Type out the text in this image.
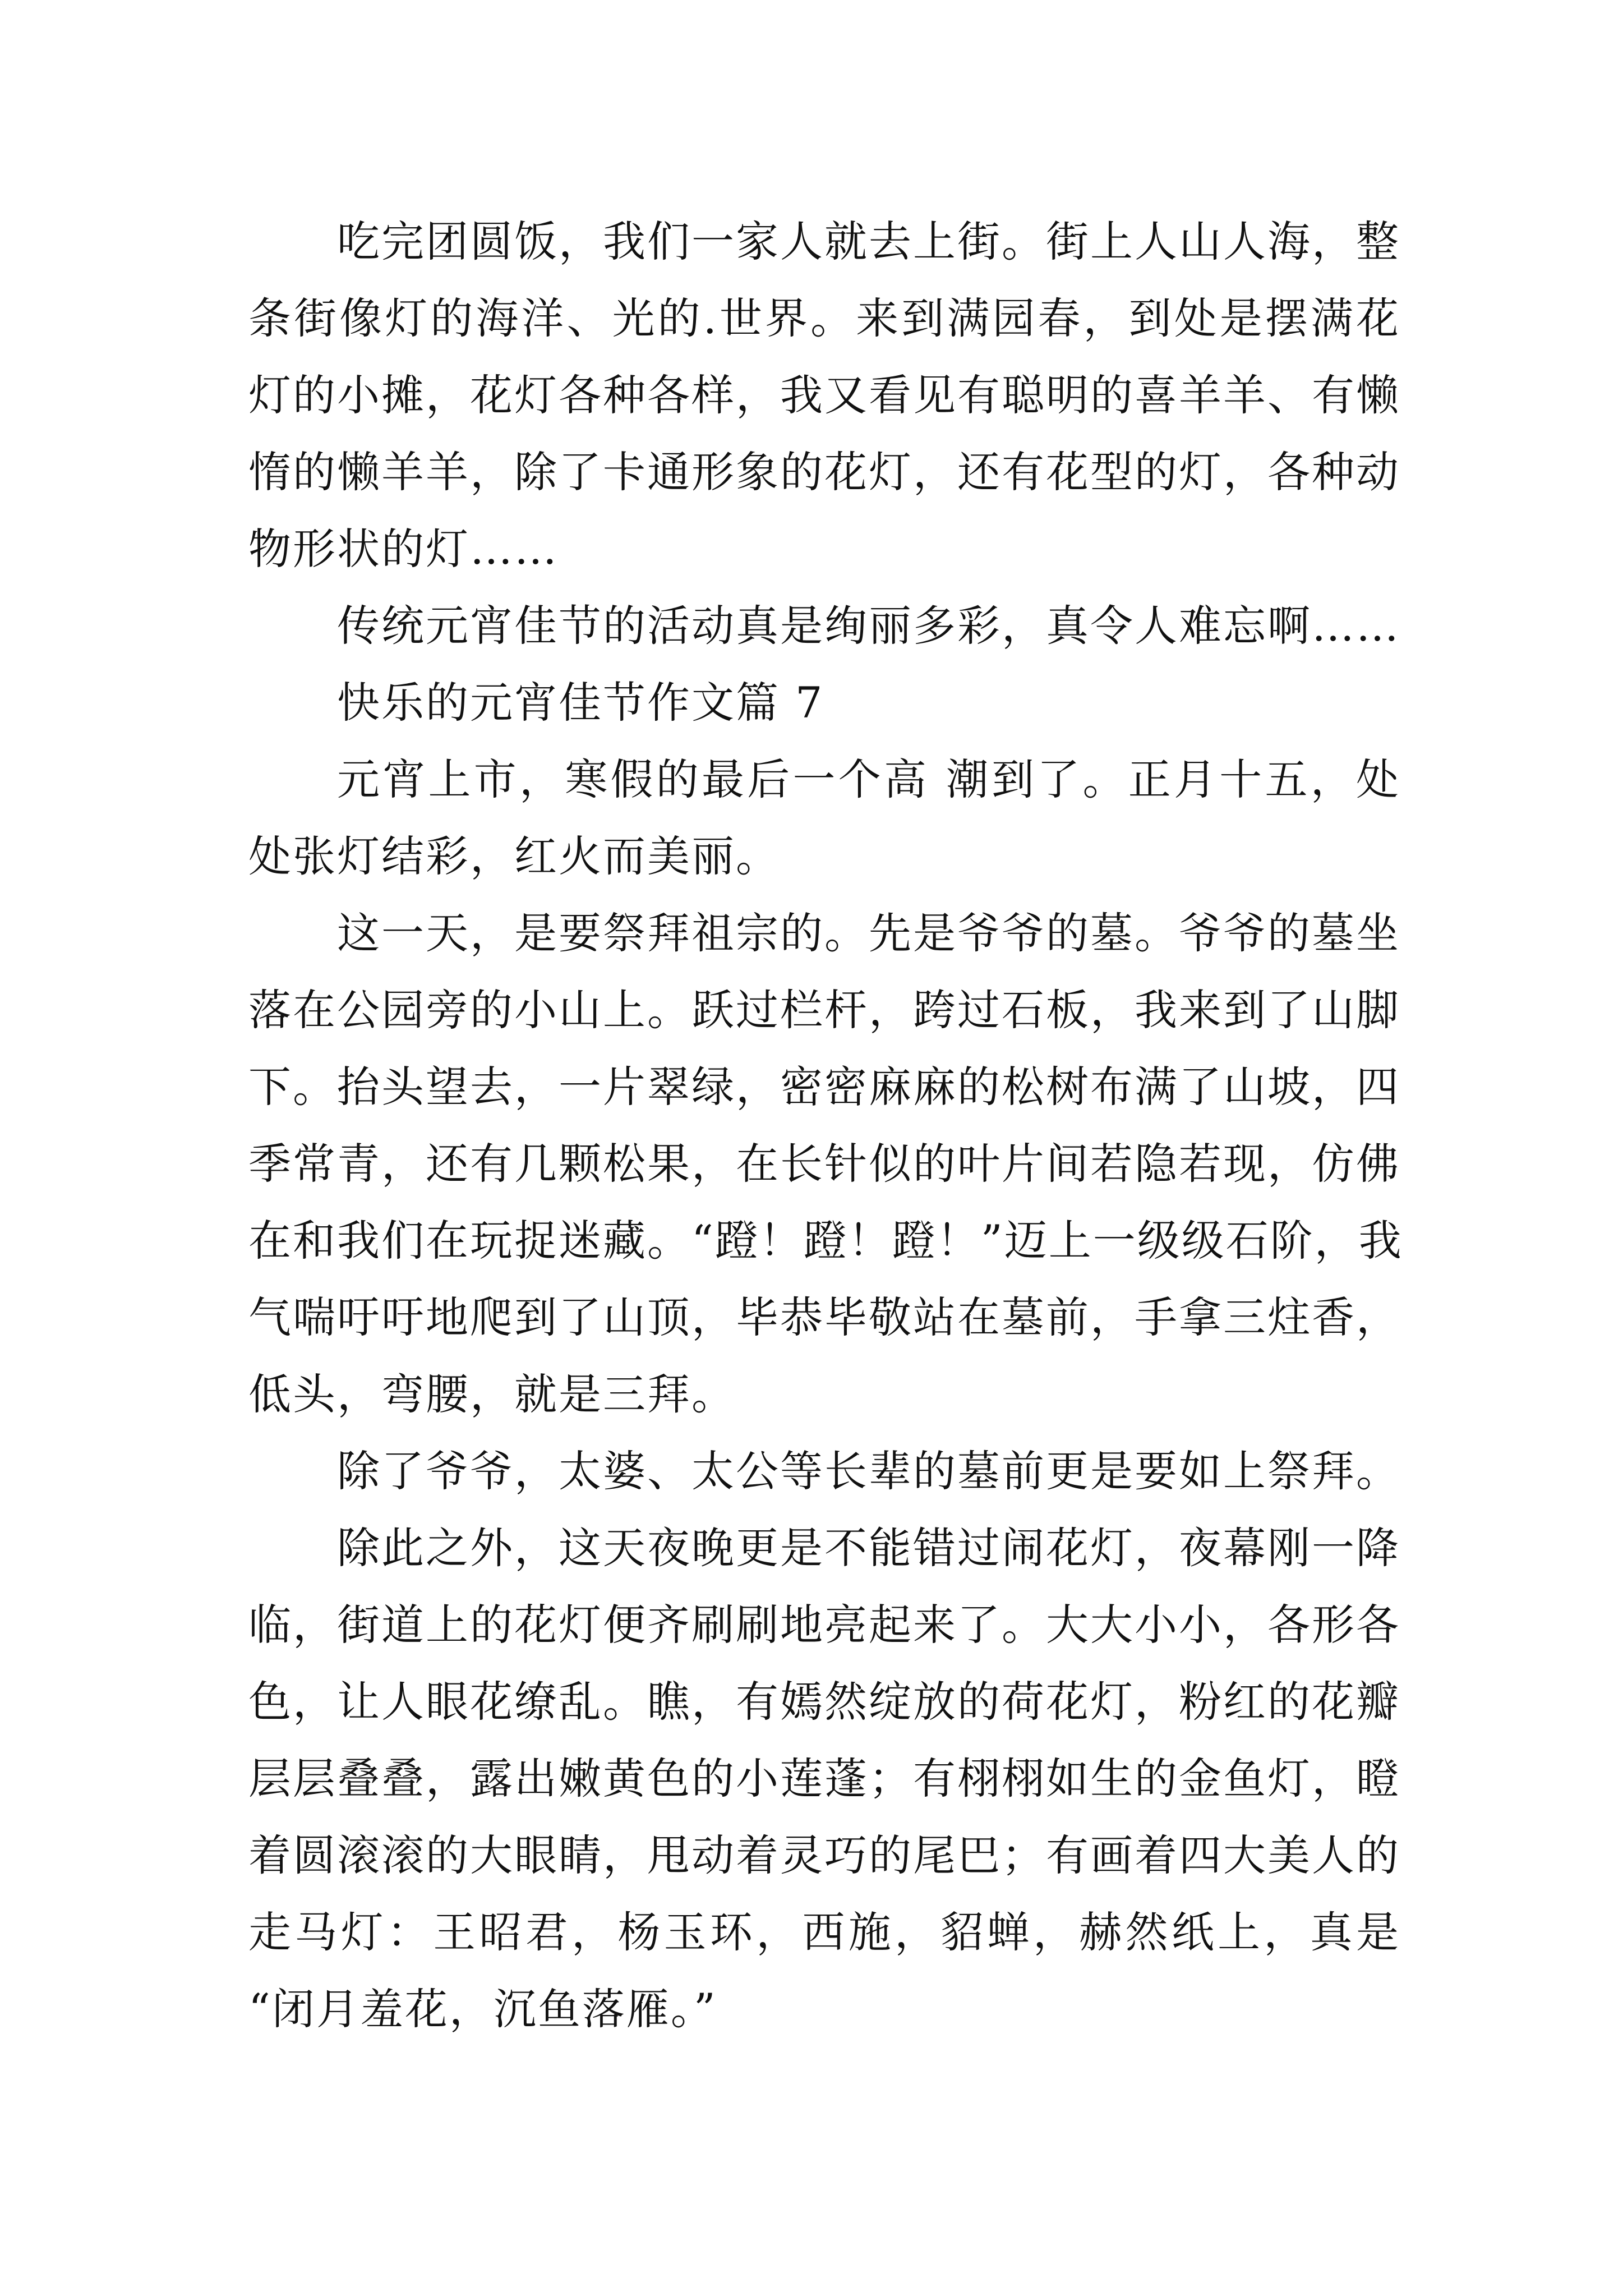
吃完团圆饭，我们一家人就去上街。街上人山人海，整
条街像灯的海洋、光的.世界。来到满园春，到处是摆满花
灯的小摊，花灯各种各样，我又看见有聪明的喜羊羊、有懒
惰的懒羊羊，除了卡通形象的花灯，还有花型的灯，各种动
物形状的灯……
传统元宵佳节的活动真是绚丽多彩，真令人难忘啊……
快乐的元宵佳节作文篇 7
元宵上市，寒假的最后一个高 潮到了。正月十五，处
处张灯结彩，红火而美丽。
这一天，是要祭拜祖宗的。先是爷爷的墓。爷爷的墓坐
落在公园旁的小山上。跃过栏杆，跨过石板，我来到了山脚
下。抬头望去，一片翠绿，密密麻麻的松树布满了山坡，四
季常青，还有几颗松果，在长针似的叶片间若隐若现，仿佛
在和我们在玩捉迷藏。“蹬！蹬！蹬！”迈上一级级石阶，我
气喘吁吁地爬到了山顶，毕恭毕敬站在墓前，手拿三炷香，
低头，弯腰，就是三拜。
除了爷爷，太婆、太公等长辈的墓前更是要如上祭拜。
除此之外，这天夜晚更是不能错过闹花灯，夜幕刚一降
临，街道上的花灯便齐刷刷地亮起来了。大大小小，各形各
色，让人眼花缭乱。瞧，有嫣然绽放的荷花灯，粉红的花瓣
层层叠叠，露出嫩黄色的小莲蓬；有栩栩如生的金鱼灯，瞪
着圆滚滚的大眼睛，甩动着灵巧的尾巴；有画着四大美人的
走马灯：王昭君，杨玉环，西施，貂蝉，赫然纸上，真是
“闭月羞花，沉鱼落雁。”
